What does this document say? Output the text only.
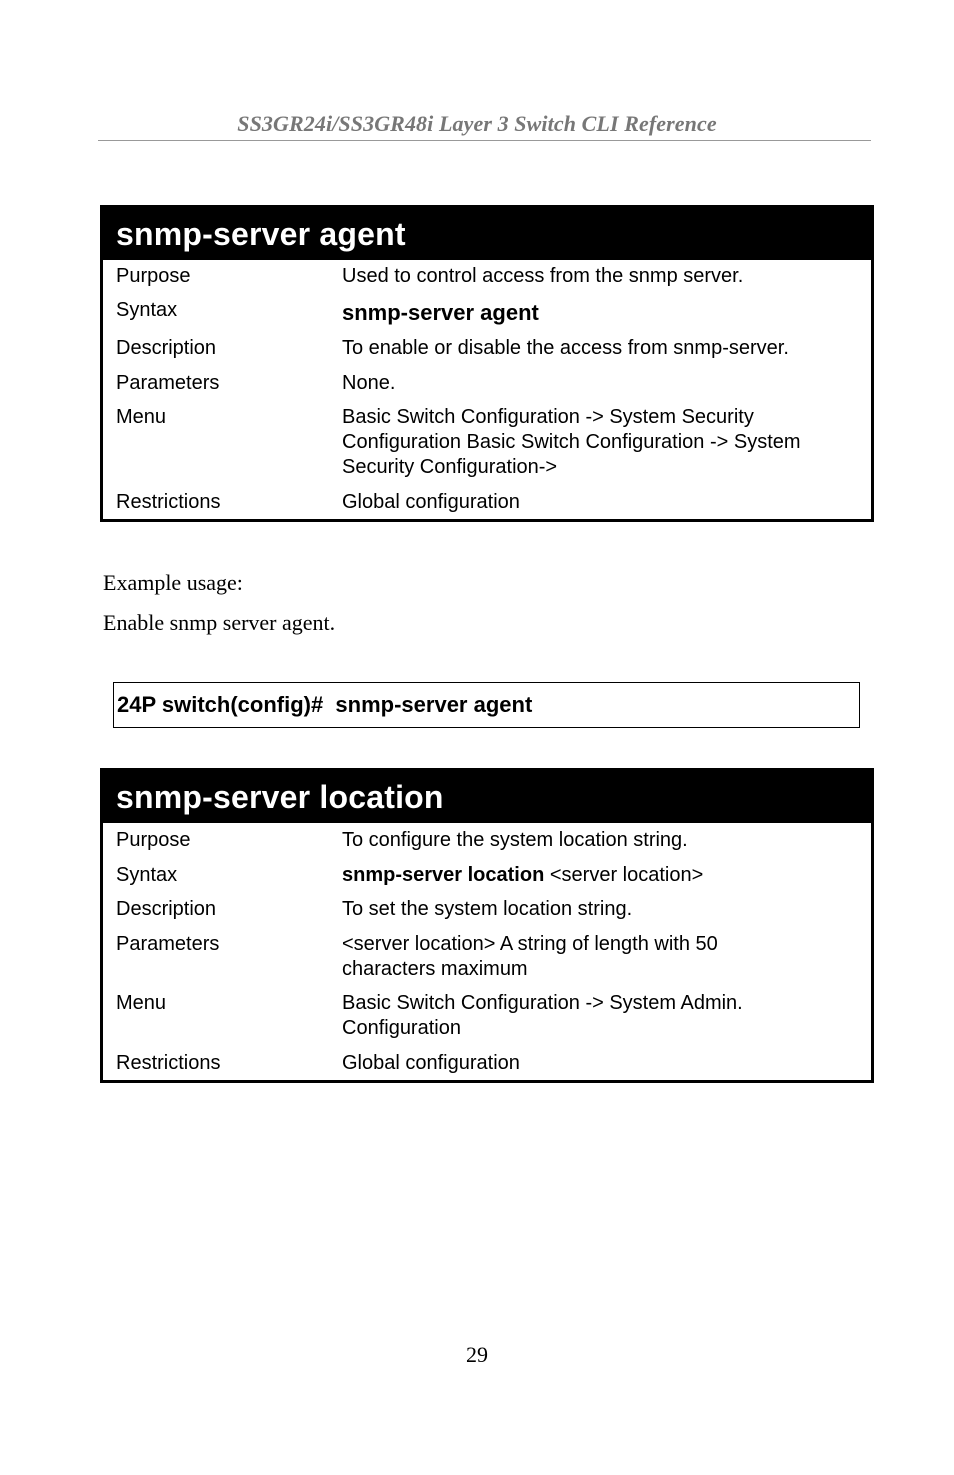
SS3GR24i/SS3GR48i Layer 3 Switch CLI Reference
snmp-server agent
Purpose	Used to control access from the snmp server.
Syntax	snmp-server agent
Description	To enable or disable the access from snmp-server.
Parameters	None.
Menu	Basic Switch Configuration -> System Security
Configuration Basic Switch Configuration -> System
Security Configuration->
Restrictions	Global configuration
Example usage:
Enable snmp server agent.
24P switch(config)#  snmp-server agent
snmp-server location
Purpose	To configure the system location string.
Syntax	snmp-server location <server location>
Description	To set the system location string.
Parameters	<server location> A string of length with 50
characters maximum
Menu	Basic Switch Configuration -> System Admin.
Configuration
Restrictions	Global configuration
29
